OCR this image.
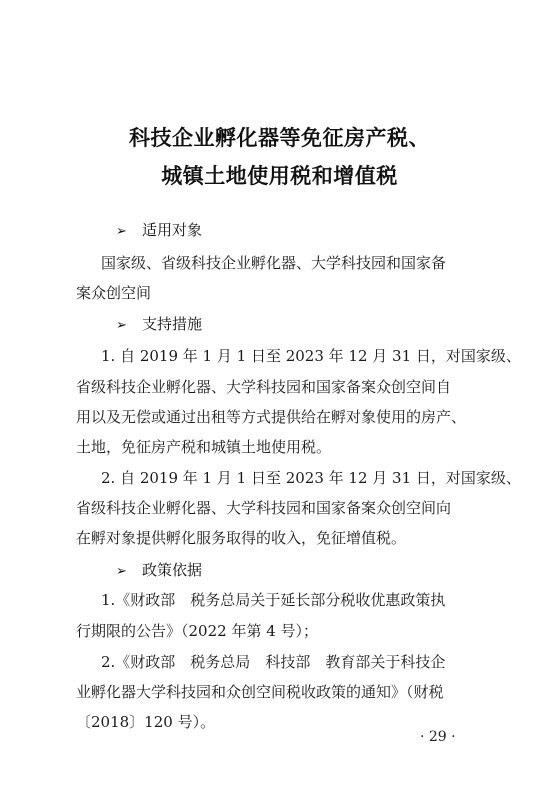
科技企业孵化器等免征房产税、
城镇土地使用税和增值税
➢ 适用对象
国家级、省级科技企业孵化器、大学科技园和国家备
案众创空间
➢ 支持措施
1. 自 2019 年 1 月 1 日至 2023 年 12 月 31 日，对国家级、
省级科技企业孵化器、大学科技园和国家备案众创空间自
用以及无偿或通过出租等方式提供给在孵对象使用的房产、
土地，免征房产税和城镇土地使用税。
2. 自 2019 年 1 月 1 日至 2023 年 12 月 31 日，对国家级、
省级科技企业孵化器、大学科技园和国家备案众创空间向
在孵对象提供孵化服务取得的收入，免征增值税。
➢ 政策依据
1.《财政部　税务总局关于延长部分税收优惠政策执
行期限的公告》（2022 年第 4 号）；
2.《财政部　税务总局　科技部　教育部关于科技企
业孵化器大学科技园和众创空间税收政策的通知》（财税
〔2018〕120 号）。
· 29 ·
